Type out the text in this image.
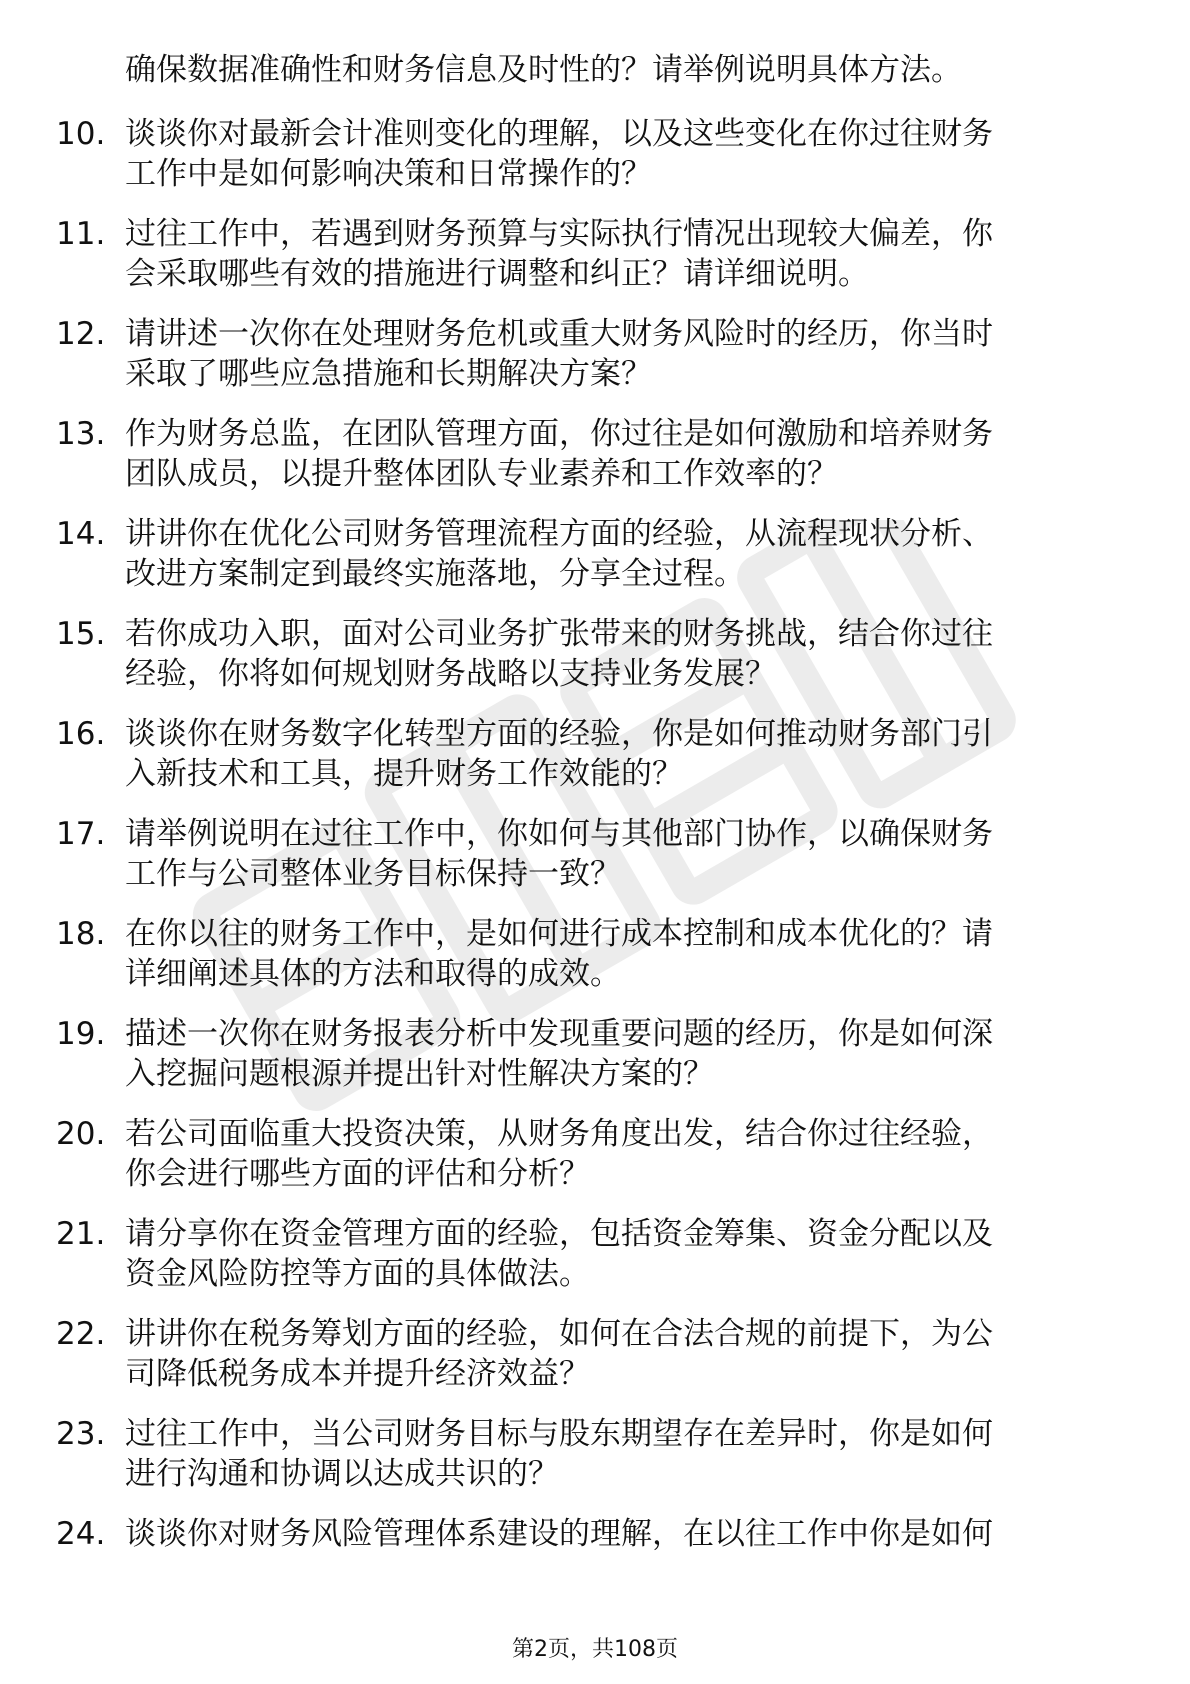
确保数据准确性和财务信息及时性的？请举例说明具体方法。
10. 谈谈你对最新会计准则变化的理解，以及这些变化在你过往财务
工作中是如何影响决策和日常操作的？
11. 过往工作中，若遇到财务预算与实际执行情况出现较大偏差，你
会采取哪些有效的措施进行调整和纠正？请详细说明。
12. 请讲述一次你在处理财务危机或重大财务风险时的经历，你当时
采取了哪些应急措施和长期解决方案？
13. 作为财务总监，在团队管理方面，你过往是如何激励和培养财务
团队成员，以提升整体团队专业素养和工作效率的？
14. 讲讲你在优化公司财务管理流程方面的经验，从流程现状分析、
改进方案制定到最终实施落地，分享全过程。
15. 若你成功入职，面对公司业务扩张带来的财务挑战，结合你过往
经验，你将如何规划财务战略以支持业务发展？
16. 谈谈你在财务数字化转型方面的经验，你是如何推动财务部门引
入新技术和工具，提升财务工作效能的？
17. 请举例说明在过往工作中，你如何与其他部门协作，以确保财务
工作与公司整体业务目标保持一致？
18. 在你以往的财务工作中，是如何进行成本控制和成本优化的？请
详细阐述具体的方法和取得的成效。
19. 描述一次你在财务报表分析中发现重要问题的经历，你是如何深
入挖掘问题根源并提出针对性解决方案的？
20. 若公司面临重大投资决策，从财务角度出发，结合你过往经验，
你会进行哪些方面的评估和分析？
21. 请分享你在资金管理方面的经验，包括资金筹集、资金分配以及
资金风险防控等方面的具体做法。
22. 讲讲你在税务筹划方面的经验，如何在合法合规的前提下，为公
司降低税务成本并提升经济效益？
23. 过往工作中，当公司财务目标与股东期望存在差异时，你是如何
进行沟通和协调以达成共识的？
24. 谈谈你对财务风险管理体系建设的理解，在以往工作中你是如何
第2页，共108页
